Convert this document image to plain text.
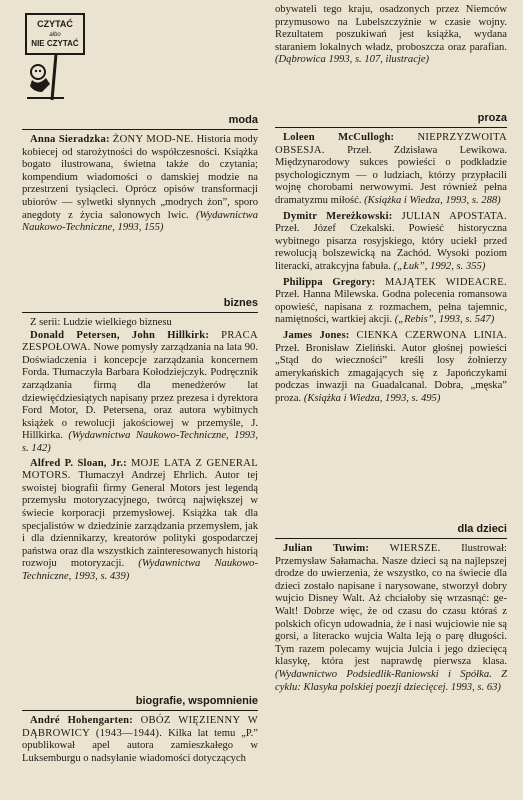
CZYTAĆ
albo
NIE CZYTAĆ
moda

Anna Sieradzka: ŻONY MOD-NE. Historia mody kobiecej od starożytności do współczesności. Książka bogato ilustrowana, świetna także do czytania; kompendium wiadomości o damskiej modzie na przestrzeni tysiącleci. Oprócz opisów transformacji ubiorów — sylwetki słynnych „modrych żon”, sporo anegdoty z życia salonowych lwic. (Wydawnictwa Naukowo-Techniczne, 1993, 155)

biznes

Z serii: Ludzie wielkiego biznesu

Donald Petersen, John Hillkirk: PRACA ZESPOŁOWA. Nowe pomysły zarządzania na lata 90. Doświadczenia i koncepcje zarządzania koncernem Forda. Tłumaczyła Barbara Kołodziejczyk. Podręcznik zarządzania firmą dla menedżerów lat dziewięćdziesiątych napisany przez prezesa i dyrektora Ford Motor, D. Petersena, oraz autora wybitnych książek o rewolucji jakościowej w przemyśle, J. Hillkirka. (Wydawnictwa Naukowo-Techniczne, 1993, s. 142)

Alfred P. Sloan, Jr.: MOJE LATA Z GENERAL MOTORS. Tłumaczył Andrzej Ehrlich. Autor tej swoistej biografii firmy General Motors jest legendą przemysłu motoryzacyjnego, twórcą największej w świecie korporacji przemysłowej. Książka tak dla specjalistów w dziedzinie zarządzania przemysłem, jak i dla dziennikarzy, kreatorów polityki gospodarczej państwa oraz dla wszystkich zainteresowanych historią rozwoju motoryzacji. (Wydawnictwa Naukowo-Techniczne, 1993, s. 439)

biografie, wspomnienie

André Hohengarten: OBÓZ WIĘZIENNY W DĄBROWICY (1943—1944). Kilka lat temu „P.” opublikował apel autora zamieszkałego w Luksemburgu o nadsyłanie wiadomości dotyczących

obywateli tego kraju, osadzonych przez Niemców przymusowo na Lubelszczyźnie w czasie wojny. Rezultatem poszukiwań jest książka, wydana staraniem lokalnych władz, proboszcza oraz parafian. (Dąbrowica 1993, s. 107, ilustracje)

proza

Loleen McCullogh: NIEPRZYZWOITA OBSESJA. Przeł. Zdzisława Lewikowa. Międzynarodowy sukces powieści o podkładzie psychologicznym — o ludziach, którzy przypłacili wojnę chorobami nerwowymi. Jest również pełna dramatyzmu miłość. (Książka i Wiedza, 1993, s. 288)

Dymitr Mereżkowski: JULIAN APOSTATA. Przeł. Józef Czekalski. Powieść historyczna wybitnego pisarza rosyjskiego, który uciekł przed rewolucją bolszewicką na Zachód. Wysoki poziom literacki, atrakcyjna fabuła. („Łuk”, 1992, s. 355)

Philippa Gregory: MAJĄTEK WIDEACRE. Przeł. Hanna Milewska. Godna polecenia romansowa opowieść, napisana z rozmachem, pełna tajemnic, namiętności, wartkiej akcji. („Rebis”, 1993, s. 547)

James Jones: CIENKA CZERWONA LINIA. Przeł. Bronisław Zieliński. Autor głośnej powieści „Stąd do wieczności” kreśli losy żołnierzy amerykańskich zmagających się z Japończykami podczas inwazji na Guadalcanal. Dobra, „męska” proza. (Książka i Wiedza, 1993, s. 495)

dla dzieci

Julian Tuwim: WIERSZE. Ilustrował: Przemysław Sałamacha. Nasze dzieci są na najlepszej drodze do uwierzenia, że wszystko, co na świecie dla dzieci zostało napisane i narysowane, stworzył dobry wujcio Disney Walt. Aż chciałoby się wrzasnąć: ge-Walt! Dobrze więc, że od czasu do czasu któraś z polskich oficyn udowadnia, że i nasi wujciowie nie są gorsi, a literacko wujcia Walta leją o parę długości. Tym razem polecamy wujcia Julcia i jego dziecięcą klasykę, która jest naprawdę pierwsza klasa. (Wydawnictwo Podsiedlik-Raniowski i Spółka. Z cyklu: Klasyka polskiej poezji dziecięcej. 1993, s. 63)
